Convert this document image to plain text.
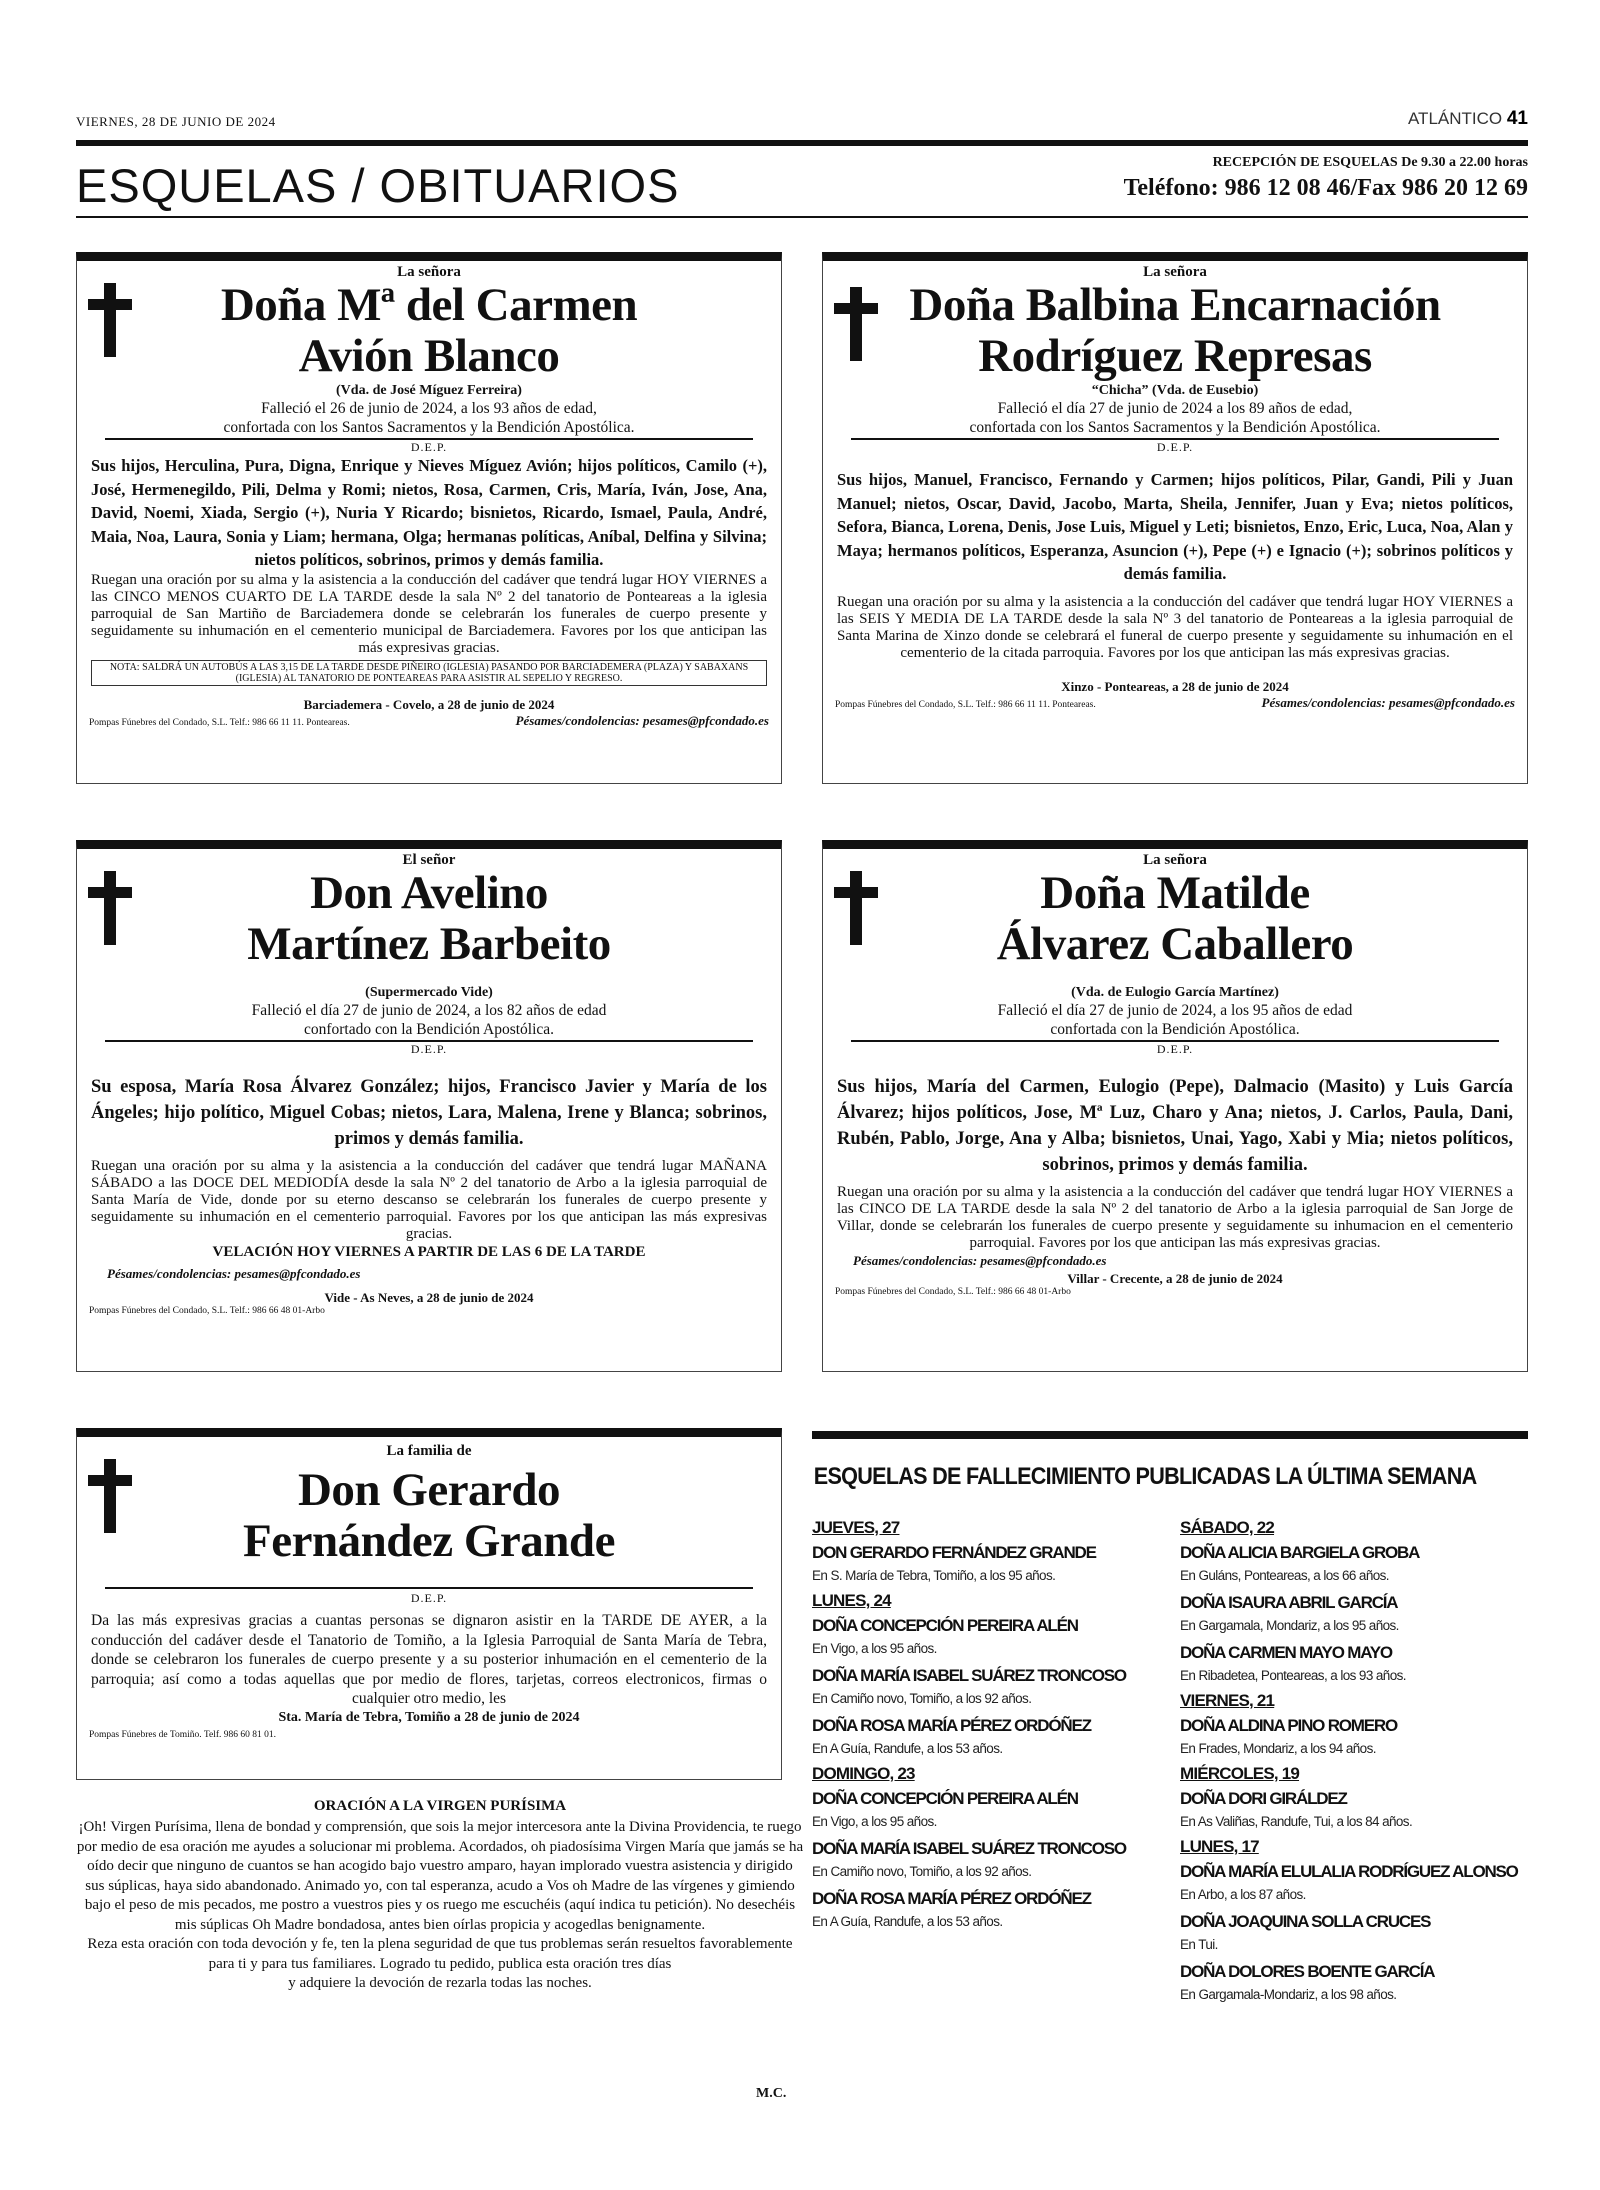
VIERNES, 28 DE JUNIO DE 2024	ATLÁNTICO 41
ESQUELAS / OBITUARIOS	RECEPCIÓN DE ESQUELAS De 9.30 a 22.00 horas
Teléfono: 986 12 08 46/Fax 986 20 12 69
La señora
Doña Mª del Carmen
Avión Blanco
(Vda. de José Míguez Ferreira)
Falleció el 26 de junio de 2024, a los 93 años de edad,
confortada con los Santos Sacramentos y la Bendición Apostólica.
D.E.P.
Sus hijos, Herculina, Pura, Digna, Enrique y Nieves Míguez Avión; hijos políticos, Camilo (+), José, Hermenegildo, Pili, Delma y Romi; nietos, Rosa, Carmen, Cris, María, Iván, Jose, Ana, David, Noemi, Xiada, Sergio (+), Nuria Y Ricardo; bisnietos, Ricardo, Ismael, Paula, André, Maia, Noa, Laura, Sonia y Liam; hermana, Olga; hermanas políticas, Aníbal, Delfina y Silvina; nietos políticos, sobrinos, primos y demás familia.
Ruegan una oración por su alma y la asistencia a la conducción del cadáver que tendrá lugar HOY VIERNES a las CINCO MENOS CUARTO DE LA TARDE desde la sala Nº 2 del tanatorio de Ponteareas a la iglesia parroquial de San Martiño de Barciademera donde se celebrarán los funerales de cuerpo presente y seguidamente su inhumación en el cementerio municipal de Barciademera. Favores por los que anticipan las más expresivas gracias.
NOTA: SALDRÁ UN AUTOBÚS A LAS 3,15 DE LA TARDE DESDE PIÑEIRO (IGLESIA) PASANDO POR BARCIADEMERA (PLAZA) Y SABAXANS (IGLESIA) AL TANATORIO DE PONTEAREAS PARA ASISTIR AL SEPELIO Y REGRESO.
Barciademera - Covelo, a 28 de junio de 2024
Pompas Fúnebres del Condado, S.L. Telf.: 986 66 11 11. Ponteareas.	Pésames/condolencias: pesames@pfcondado.es
La señora
Doña Balbina Encarnación
Rodríguez Represas
“Chicha” (Vda. de Eusebio)
Falleció el día 27 de junio de 2024 a los 89 años de edad,
confortada con los Santos Sacramentos y la Bendición Apostólica.
D.E.P.
Sus hijos, Manuel, Francisco, Fernando y Carmen; hijos políticos, Pilar, Gandi, Pili y Juan Manuel; nietos, Oscar, David, Jacobo, Marta, Sheila, Jennifer, Juan y Eva; nietos políticos, Sefora, Bianca, Lorena, Denis, Jose Luis, Miguel y Leti; bisnietos, Enzo, Eric, Luca, Noa, Alan y Maya; hermanos políticos, Esperanza, Asuncion (+), Pepe (+) e Ignacio (+); sobrinos políticos y demás familia.
Ruegan una oración por su alma y la asistencia a la conducción del cadáver que tendrá lugar HOY VIERNES a las SEIS Y MEDIA DE LA TARDE desde la sala Nº 3 del tanatorio de Ponteareas a la iglesia parroquial de Santa Marina de Xinzo donde se celebrará el funeral de cuerpo presente y seguidamente su inhumación en el cementerio de la citada parroquia. Favores por los que anticipan las más expresivas gracias.
Xinzo - Ponteareas, a 28 de junio de 2024
Pompas Fúnebres del Condado, S.L. Telf.: 986 66 11 11. Ponteareas.	Pésames/condolencias: pesames@pfcondado.es
El señor
Don Avelino
Martínez Barbeito
(Supermercado Vide)
Falleció el día 27 de junio de 2024, a los 82 años de edad
confortado con la Bendición Apostólica.
D.E.P.
Su esposa, María Rosa Álvarez González; hijos, Francisco Javier y María de los Ángeles; hijo político, Miguel Cobas; nietos, Lara, Malena, Irene y Blanca; sobrinos, primos y demás familia.
Ruegan una oración por su alma y la asistencia a la conducción del cadáver que tendrá lugar MAÑANA SÁBADO a las DOCE DEL MEDIODÍA desde la sala Nº 2 del tanatorio de Arbo a la iglesia parroquial de Santa María de Vide, donde por su eterno descanso se celebrarán los funerales de cuerpo presente y seguidamente su inhumación en el cementerio parroquial. Favores por los que anticipan las más expresivas gracias.
VELACIÓN HOY VIERNES A PARTIR DE LAS 6 DE LA TARDE
Pésames/condolencias: pesames@pfcondado.es
Vide - As Neves, a 28 de junio de 2024
Pompas Fúnebres del Condado, S.L. Telf.: 986 66 48 01-Arbo
La señora
Doña Matilde
Álvarez Caballero
(Vda. de Eulogio García Martínez)
Falleció el día 27 de junio de 2024, a los 95 años de edad
confortada con la Bendición Apostólica.
D.E.P.
Sus hijos, María del Carmen, Eulogio (Pepe), Dalmacio (Masito) y Luis García Álvarez; hijos políticos, Jose, Mª Luz, Charo y Ana; nietos, J. Carlos, Paula, Dani, Rubén, Pablo, Jorge, Ana y Alba; bisnietos, Unai, Yago, Xabi y Mia; nietos políticos, sobrinos, primos y demás familia.
Ruegan una oración por su alma y la asistencia a la conducción del cadáver que tendrá lugar HOY VIERNES a las CINCO DE LA TARDE desde la sala Nº 2 del tanatorio de Arbo a la iglesia parroquial de San Jorge de Villar, donde se celebrarán los funerales de cuerpo presente y seguidamente su inhumacion en el cementerio parroquial. Favores por los que anticipan las más expresivas gracias.
Pésames/condolencias: pesames@pfcondado.es
Villar - Crecente, a 28 de junio de 2024
Pompas Fúnebres del Condado, S.L. Telf.: 986 66 48 01-Arbo
La familia de
Don Gerardo
Fernández Grande
D.E.P.
Da las más expresivas gracias a cuantas personas se dignaron asistir en la TARDE DE AYER, a la conducción del cadáver desde el Tanatorio de Tomiño, a la Iglesia Parroquial de Santa María de Tebra, donde se celebraron los funerales de cuerpo presente y a su posterior inhumación en el cementerio de la parroquia; así como a todas aquellas que por medio de flores, tarjetas, correos electronicos, firmas o cualquier otro medio, les
Sta. María de Tebra, Tomiño a 28 de junio de 2024
Pompas Fúnebres de Tomiño. Telf. 986 60 81 01.
ORACIÓN A LA VIRGEN PURÍSIMA
¡Oh! Virgen Purísima, llena de bondad y comprensión, que sois la mejor intercesora ante la Divina Providencia, te ruego por medio de esa oración me ayudes a solucionar mi problema. Acordados, oh piadosísima Virgen María que jamás se ha oído decir que ninguno de cuantos se han acogido bajo vuestro amparo, hayan implorado vuestra asistencia y dirigido sus súplicas, haya sido abandonado. Animado yo, con tal esperanza, acudo a Vos oh Madre de las vírgenes y gimiendo bajo el peso de mis pecados, me postro a vuestros pies y os ruego me escuchéis (aquí indica tu petición). No desechéis mis súplicas Oh Madre bondadosa, antes bien oírlas propicia y acogedlas benignamente.
Reza esta oración con toda devoción y fe, ten la plena seguridad de que tus problemas serán resueltos favorablemente para ti y para tus familiares. Logrado tu pedido, publica esta oración tres días
y adquiere la devoción de rezarla todas las noches.
M.C.
ESQUELAS DE FALLECIMIENTO PUBLICADAS LA ÚLTIMA SEMANA
JUEVES, 27
DON GERARDO FERNÁNDEZ GRANDE
En S. María de Tebra, Tomiño, a los 95 años.
LUNES, 24
DOÑA CONCEPCIÓN PEREIRA ALÉN
En Vigo, a los 95 años.
DOÑA MARÍA ISABEL SUÁREZ TRONCOSO
En Camiño novo, Tomiño, a los 92 años.
DOÑA ROSA MARÍA PÉREZ ORDÓÑEZ
En A Guía, Randufe, a los 53 años.
DOMINGO, 23
DOÑA CONCEPCIÓN PEREIRA ALÉN
En Vigo, a los 95 años.
DOÑA MARÍA ISABEL SUÁREZ TRONCOSO
En Camiño novo, Tomiño, a los 92 años.
DOÑA ROSA MARÍA PÉREZ ORDÓÑEZ
En A Guía, Randufe, a los 53 años.
SÁBADO, 22
DOÑA ALICIA BARGIELA GROBA
En Guláns, Ponteareas, a los 66 años.
DOÑA ISAURA ABRIL GARCÍA
En Gargamala, Mondariz, a los 95 años.
DOÑA CARMEN MAYO MAYO
En Ribadetea, Ponteareas, a los 93 años.
VIERNES, 21
DOÑA ALDINA PINO ROMERO
En Frades, Mondariz, a los 94 años.
MIÉRCOLES, 19
DOÑA DORI GIRÁLDEZ
En As Valiñas, Randufe, Tui, a los 84 años.
LUNES, 17
DOÑA MARÍA ELULALIA RODRÍGUEZ ALONSO
En Arbo, a los 87 años.
DOÑA JOAQUINA SOLLA CRUCES
En Tui.
DOÑA DOLORES BOENTE GARCÍA
En Gargamala-Mondariz, a los 98 años.
